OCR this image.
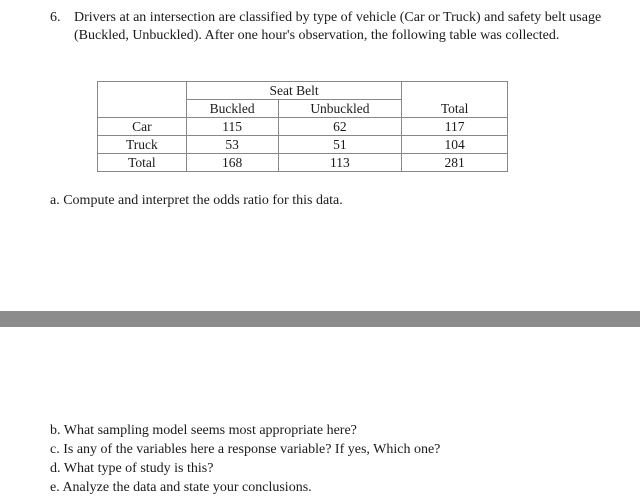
6. Drivers at an intersection are classified by type of vehicle (Car or Truck) and safety belt usage (Buckled, Unbuckled). After one hour's observation, the following table was collected.
	Seat Belt		
	Buckled	Unbuckled	Total
Car	115	62	117
Truck	53	51	104
Total	168	113	281
a. Compute and interpret the odds ratio for this data.
b. What sampling model seems most appropriate here?
c. Is any of the variables here a response variable? If yes, Which one?
d. What type of study is this?
e. Analyze the data and state your conclusions.
